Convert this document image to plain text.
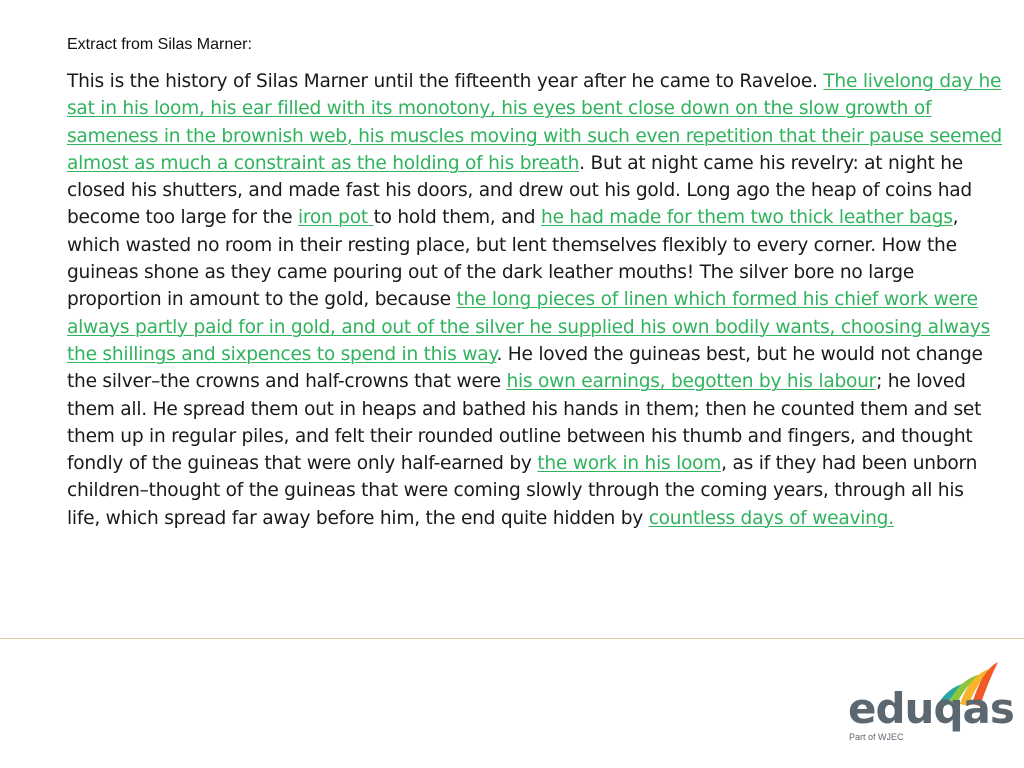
Extract from Silas Marner:

This is the history of Silas Marner until the fifteenth year after he came to Raveloe. The livelong day he sat in his loom, his ear filled with its monotony, his eyes bent close down on the slow growth of sameness in the brownish web, his muscles moving with such even repetition that their pause seemed almost as much a constraint as the holding of his breath. But at night came his revelry: at night he closed his shutters, and made fast his doors, and drew out his gold. Long ago the heap of coins had become too large for the iron pot to hold them, and he had made for them two thick leather bags, which wasted no room in their resting place, but lent themselves flexibly to every corner. How the guineas shone as they came pouring out of the dark leather mouths! The silver bore no large proportion in amount to the gold, because the long pieces of linen which formed his chief work were always partly paid for in gold, and out of the silver he supplied his own bodily wants, choosing always the shillings and sixpences to spend in this way. He loved the guineas best, but he would not change the silver–the crowns and half-crowns that were his own earnings, begotten by his labour; he loved them all. He spread them out in heaps and bathed his hands in them; then he counted them and set them up in regular piles, and felt their rounded outline between his thumb and fingers, and thought fondly of the guineas that were only half-earned by the work in his loom, as if they had been unborn children–thought of the guineas that were coming slowly through the coming years, through all his life, which spread far away before him, the end quite hidden by countless days of weaving.

eduqas
Part of WJEC
